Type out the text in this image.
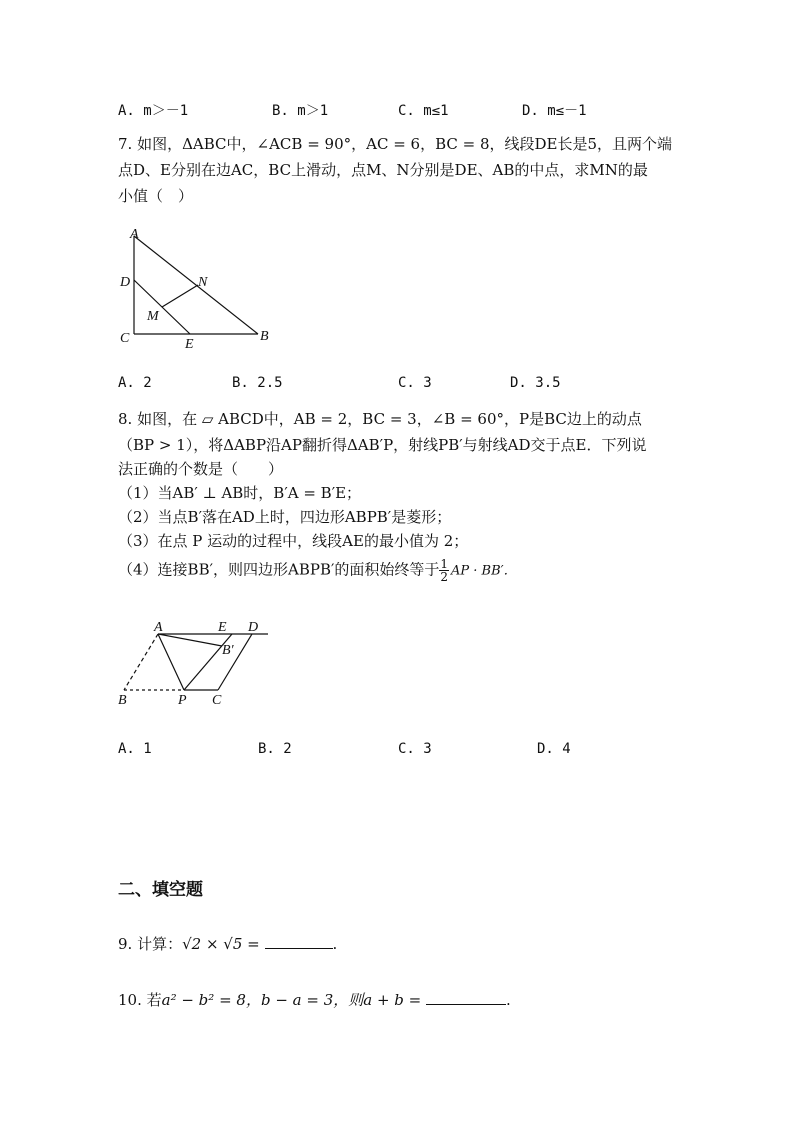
A. m＞－1	B. m＞1	C. m≤1	D. m≤－1
7. 如图，ΔABC中，∠ACB = 90°，AC = 6，BC = 8，线段DE长是5，且两个端
点D、E分别在边AC，BC上滑动，点M、N分别是DE、AB的中点，求MN的最
小值（　）
A
D	N
M
C	E
B
A. 2	B. 2.5	C. 3	D. 3.5
8. 如图，在 ▱ ABCD中，AB = 2，BC = 3，∠B = 60°，P是BC边上的动点
（BP > 1），将ΔABP沿AP翻折得ΔAB′P，射线PB′与射线AD交于点E．下列说
法正确的个数是（　　）
（1）当AB′ ⊥ AB时，B′A = B′E；
（2）当点B′落在AD上时，四边形ABPB′是菱形；
（3）在点 P 运动的过程中，线段AE的最小值为 2；
（4）连接BB′，则四边形ABPB′的面积始终等于 $\frac{1}{2}$ AP · BB′．
A	E D
B′
B	P C
A. 1	B. 2	C. 3	D. 4
二、填空题
9. 计算：√2 × √5 =	.
10. 若a² − b² = 8，b − a = 3，则a + b =	.
